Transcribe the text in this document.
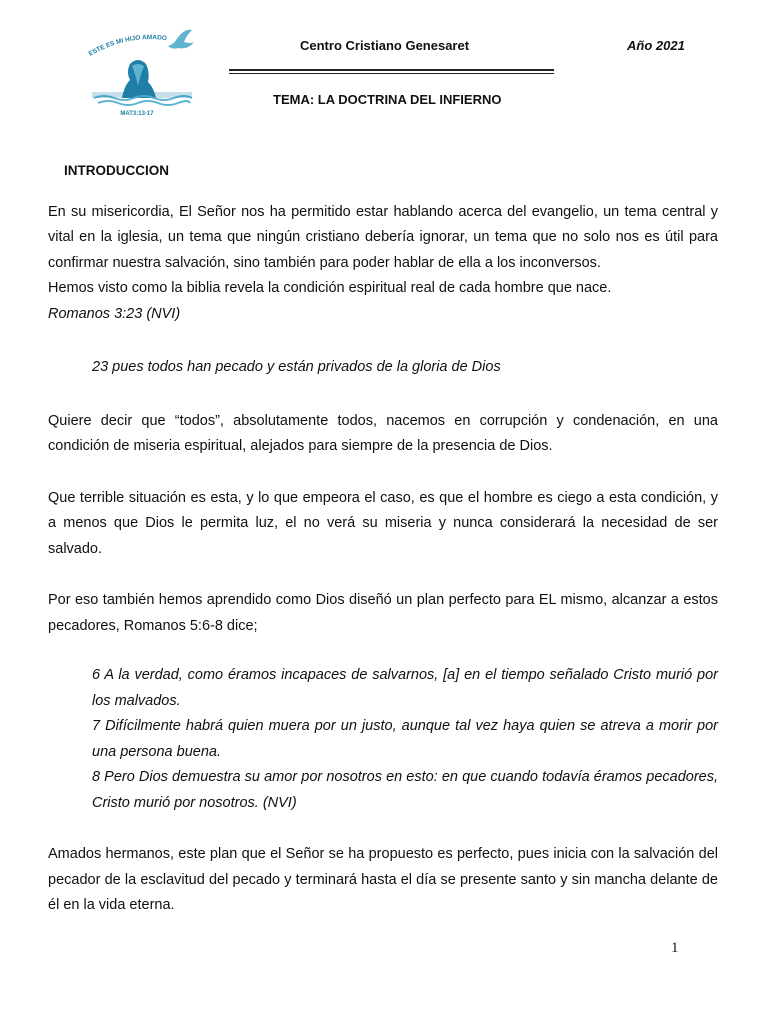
ESTE ES MI HIJO AMADO
MAT3:13-17
Centro Cristiano Genesaret	Año 2021
TEMA: LA DOCTRINA DEL INFIERNO

INTRODUCCION

En su misericordia, El Señor nos ha permitido estar hablando acerca del evangelio, un tema central y vital en la iglesia, un tema que ningún cristiano debería ignorar, un tema que no solo nos es útil para confirmar nuestra salvación, sino también para poder hablar de ella a los inconversos.

Hemos visto como la biblia revela la condición espiritual real de cada hombre que nace.

Romanos 3:23 (NVI)

23 pues todos han pecado y están privados de la gloria de Dios

Quiere decir que “todos”, absolutamente todos, nacemos en corrupción y condenación, en una condición de miseria espiritual, alejados para siempre de la presencia de Dios.

Que terrible situación es esta, y lo que empeora el caso, es que el hombre es ciego a esta condición, y a menos que Dios le permita luz, el no verá su miseria y nunca considerará la necesidad de ser salvado.

Por eso también hemos aprendido como Dios diseñó un plan perfecto para EL mismo, alcanzar a estos pecadores, Romanos 5:6-8 dice;

6 A la verdad, como éramos incapaces de salvarnos, [a] en el tiempo señalado Cristo murió por los malvados.

7 Difícilmente habrá quien muera por un justo, aunque tal vez haya quien se atreva a morir por una persona buena.

8 Pero Dios demuestra su amor por nosotros en esto: en que cuando todavía éramos pecadores, Cristo murió por nosotros. (NVI)

Amados hermanos, este plan que el Señor se ha propuesto es perfecto, pues inicia con la salvación del pecador de la esclavitud del pecado y terminará hasta el día se presente santo y sin mancha delante de él en la vida eterna.

1
